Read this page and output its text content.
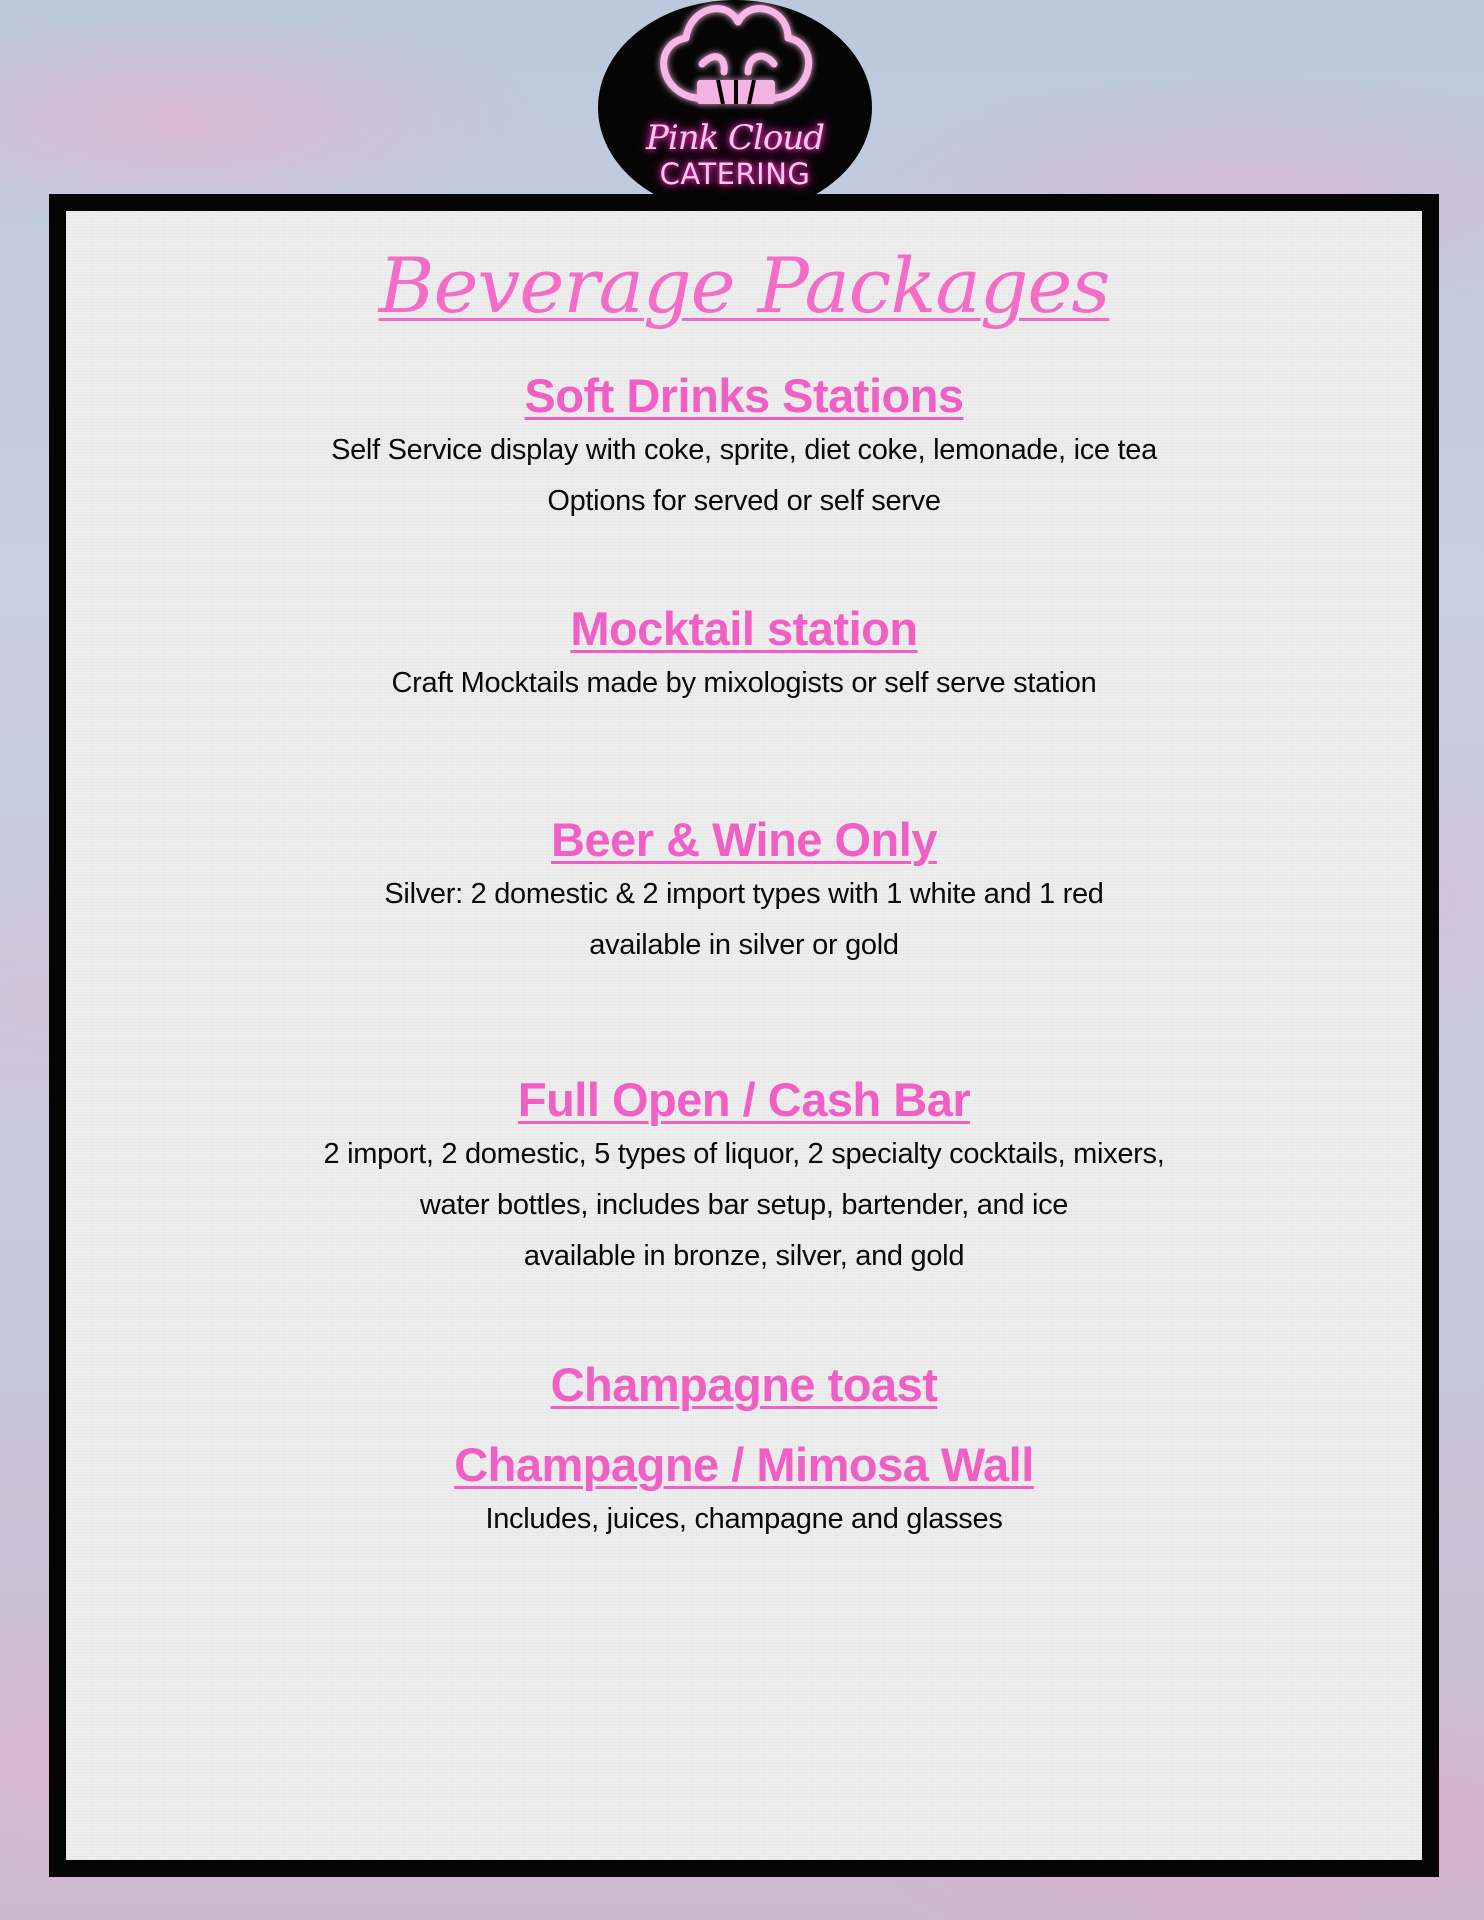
Pink Cloud
CATERING
Beverage Packages
Soft Drinks Stations

Self Service display with coke, sprite, diet coke, lemonade, ice tea

Options for served or self serve

Mocktail station

Craft Mocktails made by mixologists or self serve station

Beer & Wine Only

Silver: 2 domestic & 2 import types with 1 white and 1 red

available in silver or gold

Full Open / Cash Bar

2 import, 2 domestic, 5 types of liquor, 2 specialty cocktails, mixers,

water bottles, includes bar setup, bartender, and ice

available in bronze, silver, and gold

Champagne toast
Champagne / Mimosa Wall

Includes, juices, champagne and glasses
